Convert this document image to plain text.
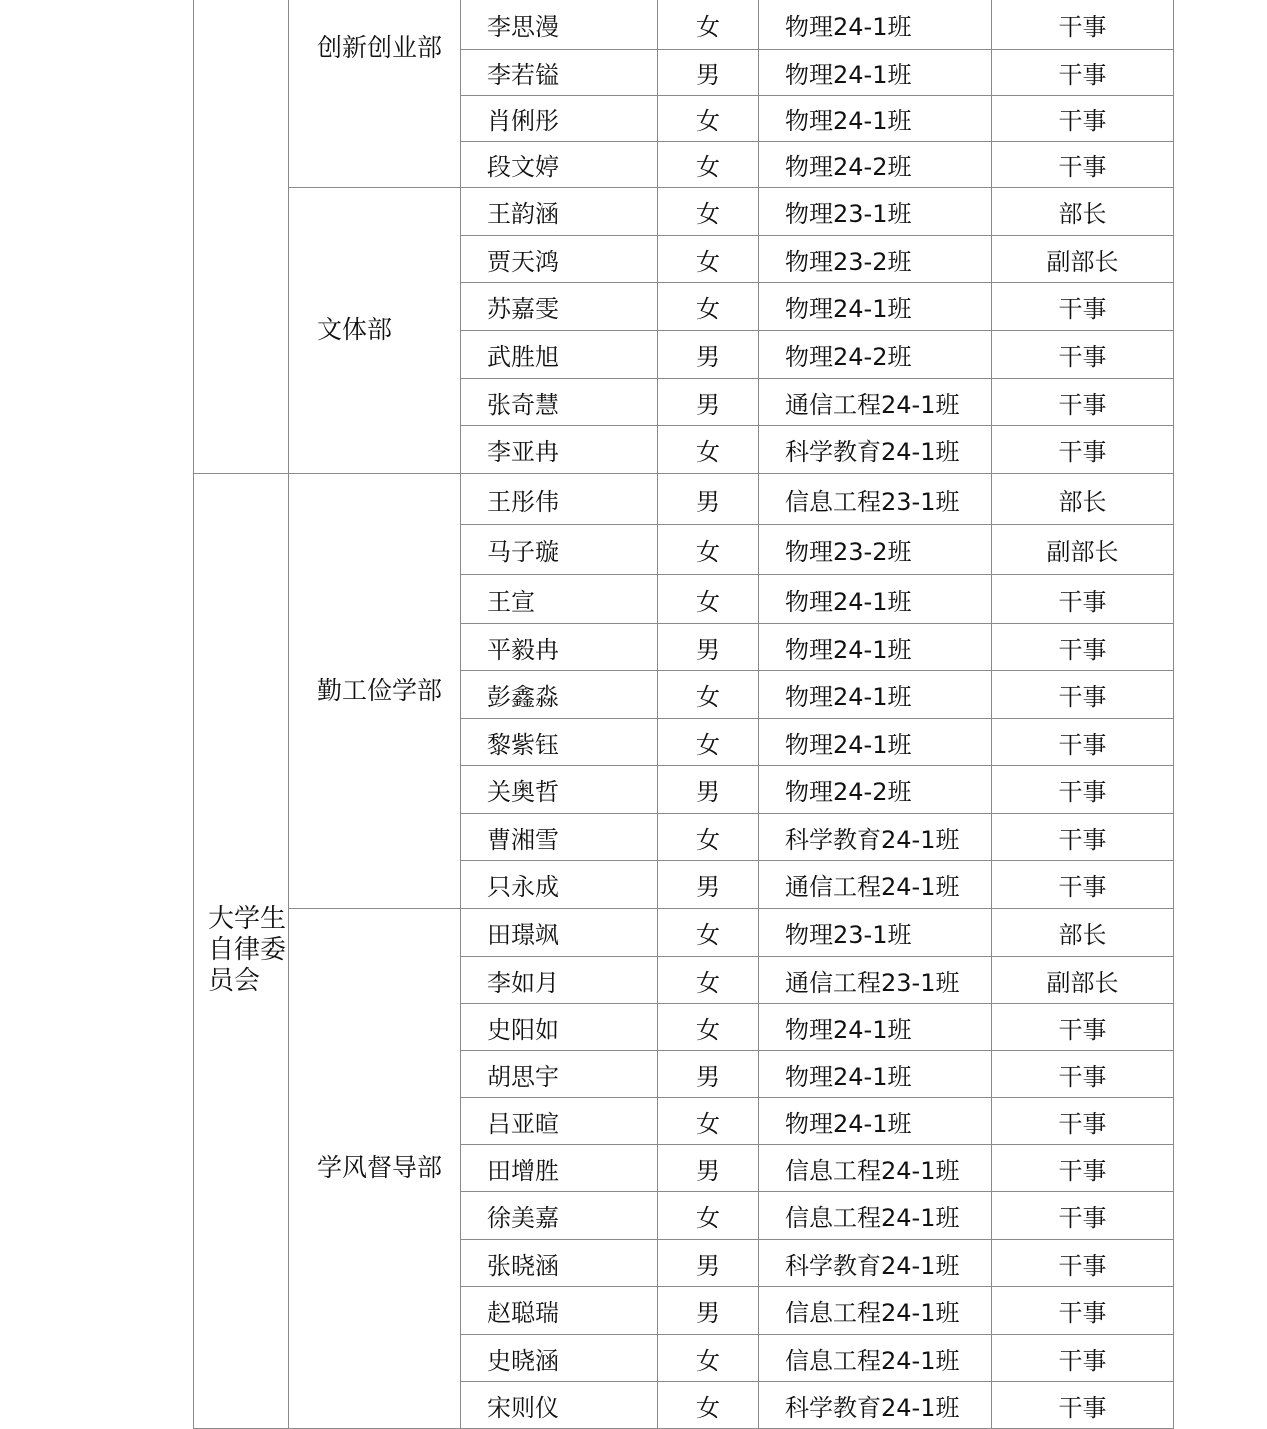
	创新创业部	李思漫	女	物理24-1班	干事
		李若镒	男	物理24-1班	干事
		肖俐彤	女	物理24-1班	干事
		段文婷	女	物理24-2班	干事
	文体部	王韵涵	女	物理23-1班	部长
		贾天鸿	女	物理23-2班	副部长
		苏嘉雯	女	物理24-1班	干事
		武胜旭	男	物理24-2班	干事
		张奇慧	男	通信工程24-1班	干事
		李亚冉	女	科学教育24-1班	干事

大学生自律委员会	勤工俭学部	王彤伟	男	信息工程23-1班	部长
		马子璇	女	物理23-2班	副部长
		王宣	女	物理24-1班	干事
		平毅冉	男	物理24-1班	干事
		彭鑫淼	女	物理24-1班	干事
		黎紫钰	女	物理24-1班	干事
		关奥哲	男	物理24-2班	干事
		曹湘雪	女	科学教育24-1班	干事
		只永成	男	通信工程24-1班	干事
	学风督导部	田璟飒	女	物理23-1班	部长
		李如月	女	通信工程23-1班	副部长
		史阳如	女	物理24-1班	干事
		胡思宇	男	物理24-1班	干事
		吕亚暄	女	物理24-1班	干事
		田增胜	男	信息工程24-1班	干事
		徐美嘉	女	信息工程24-1班	干事
		张晓涵	男	科学教育24-1班	干事
		赵聪瑞	男	信息工程24-1班	干事
		史晓涵	女	信息工程24-1班	干事
		宋则仪	女	科学教育24-1班	干事
